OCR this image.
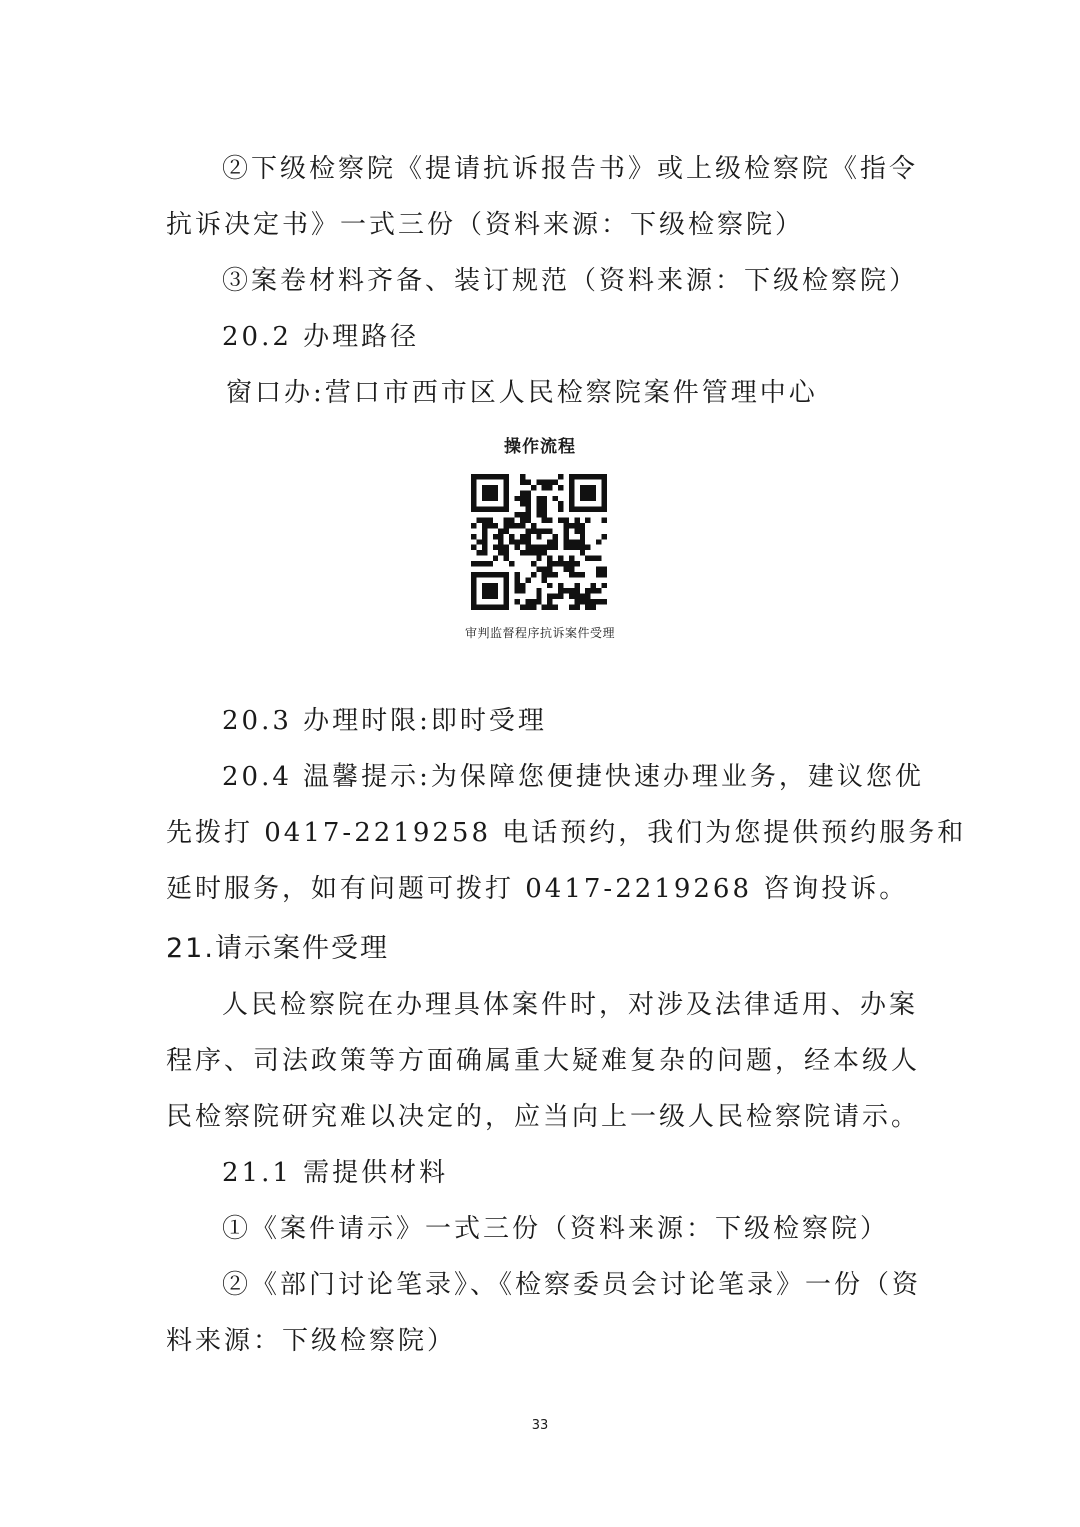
②下级检察院《提请抗诉报告书》或上级检察院《指令
抗诉决定书》一式三份（资料来源：下级检察院）
③案卷材料齐备、装订规范（资料来源：下级检察院）
20.2 办理路径
窗口办:营口市西市区人民检察院案件管理中心
操作流程
审判监督程序抗诉案件受理
20.3 办理时限:即时受理
20.4 温馨提示:为保障您便捷快速办理业务，建议您优
先拨打 0417-2219258 电话预约，我们为您提供预约服务和
延时服务，如有问题可拨打 0417-2219268 咨询投诉。
21.请示案件受理
人民检察院在办理具体案件时，对涉及法律适用、办案
程序、司法政策等方面确属重大疑难复杂的问题，经本级人
民检察院研究难以决定的，应当向上一级人民检察院请示。
21.1 需提供材料
①《案件请示》一式三份（资料来源：下级检察院）
②《部门讨论笔录》、《检察委员会讨论笔录》一份（资
料来源：下级检察院）
33
